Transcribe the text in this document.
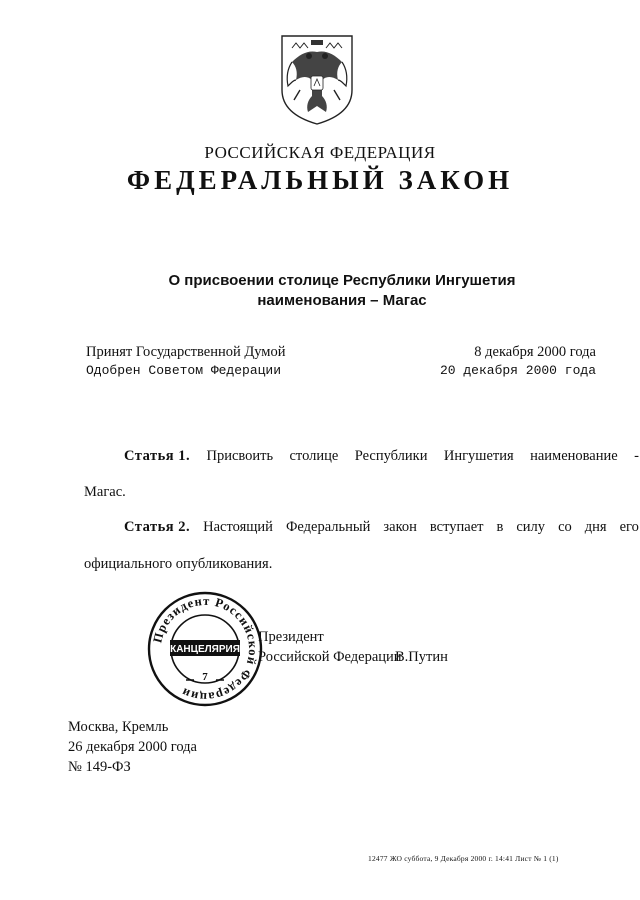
РОССИЙСКАЯ ФЕДЕРАЦИЯ
ФЕДЕРАЛЬНЫЙ ЗАКОН
О присвоении столице Республики Ингушетия
наименования – Магас
Принят Государственной Думой	8 декабря 2000 года
Одобрен Советом Федерации	20 декабря 2000 года
Статья 1. Присвоить столице Республики Ингушетия наименование -
Магас.
Статья 2. Настоящий Федеральный закон вступает в силу со дня его
официального опубликования.
Президент
Российской Федерации
В.Путин
Президент Российской Федерации
КАНЦЕЛЯРИЯ
7
Москва, Кремль
26 декабря 2000 года
№ 149-ФЗ
12477 ЖО суббота, 9 Декабря 2000 г. 14:41 Лист № 1 (1)
